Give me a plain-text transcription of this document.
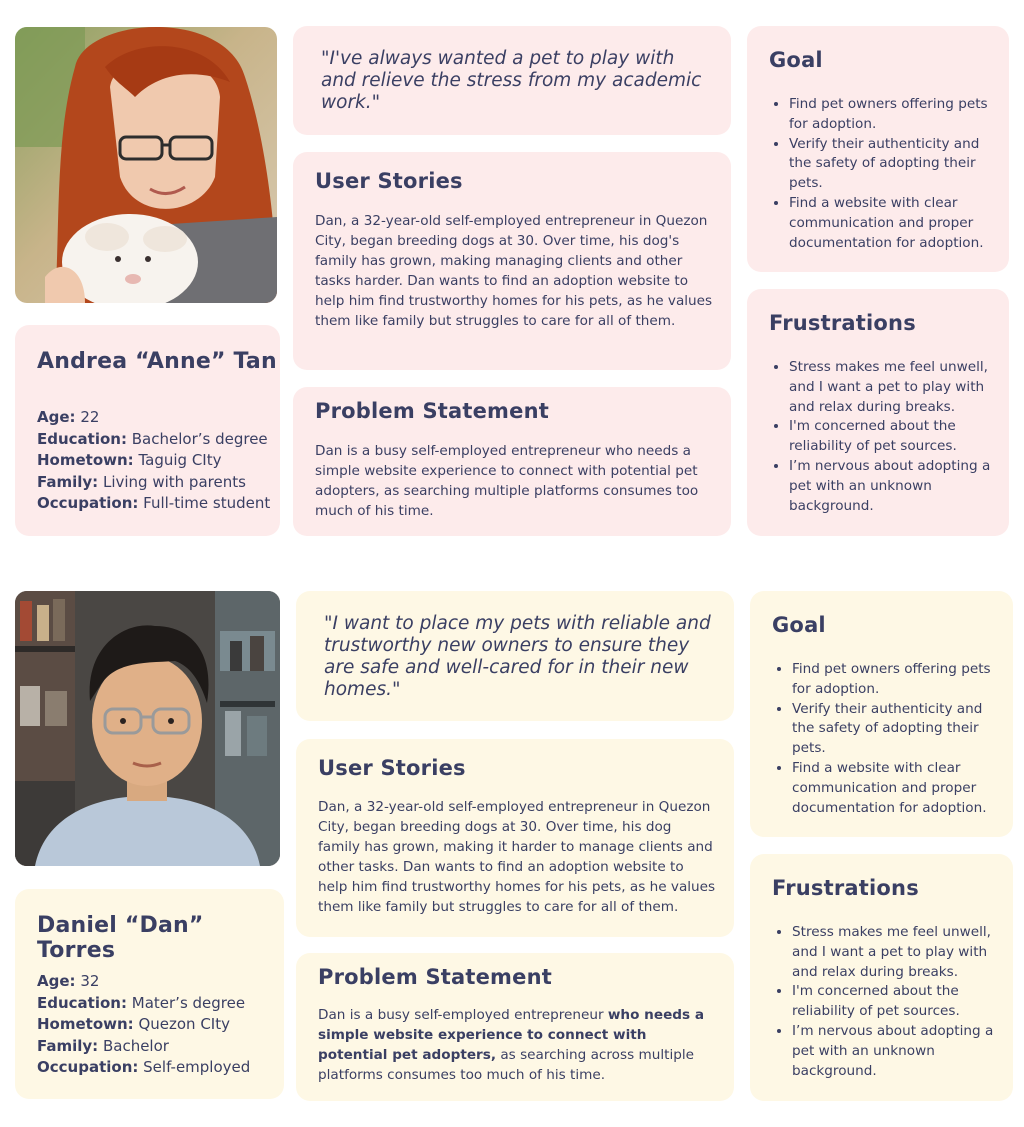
Andrea “Anne” Tan
Age: 22
Education: Bachelor’s degree
Hometown: Taguig CIty
Family: Living with parents
Occupation: Full-time student

"I've always wanted a pet to play with and relieve the stress from my academic work."

User Stories

Dan, a 32-year-old self-employed entrepreneur in Quezon City, began breeding dogs at 30. Over time, his dog's family has grown, making managing clients and other tasks harder. Dan wants to find an adoption website to help him find trustworthy homes for his pets, as he values them like family but struggles to care for all of them.

Problem Statement

Dan is a busy self-employed entrepreneur who needs a simple website experience to connect with potential pet adopters, as searching multiple platforms consumes too much of his time.

Goal
• Find pet owners offering pets for adoption.
• Verify their authenticity and the safety of adopting their pets.
• Find a website with clear communication and proper documentation for adoption.
Frustrations
• Stress makes me feel unwell, and I want a pet to play with and relax during breaks.
• I'm concerned about the reliability of pet sources.
• I’m nervous about adopting a pet with an unknown background.
Daniel “Dan” Torres
Age: 32
Education: Mater’s degree
Hometown: Quezon CIty
Family: Bachelor
Occupation: Self-employed

"I want to place my pets with reliable and trustworthy new owners to ensure they are safe and well-cared for in their new homes."

User Stories

Dan, a 32-year-old self-employed entrepreneur in Quezon City, began breeding dogs at 30. Over time, his dog family has grown, making it harder to manage clients and other tasks. Dan wants to find an adoption website to help him find trustworthy homes for his pets, as he values them like family but struggles to care for all of them.

Problem Statement

Dan is a busy self-employed entrepreneur who needs a simple website experience to connect with potential pet adopters, as searching across multiple platforms consumes too much of his time.

Goal
• Find pet owners offering pets for adoption.
• Verify their authenticity and the safety of adopting their pets.
• Find a website with clear communication and proper documentation for adoption.
Frustrations
• Stress makes me feel unwell, and I want a pet to play with and relax during breaks.
• I'm concerned about the reliability of pet sources.
• I’m nervous about adopting a pet with an unknown background.
